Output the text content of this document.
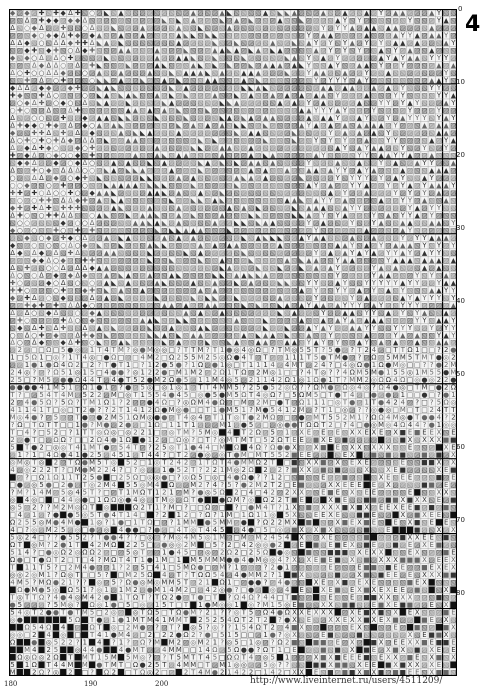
◆ ▨ ◆ ▨ ✚ ▧ ✚ ◆ Δ ✚ ▧ ○ ▨ ◣ ▧ ▲ ▧ ▧ ▨ ▨ ▧ ▨ ▧ ▧ ▨ ▲ ▨ ▧ ▨ ▲ ◣ ▧ ▧ ▧ ▧ ▲ ▧ ◣ ◣ ▲ ▨ ▧ ▨ ▲ ▧ ▨ ▲ ▨ ▧ ▲ ▨ Y ▨ ▲ ▲ ▨ ▨ ▨ ▲ Y ▧ ▧
▨ ▧ Δ ▨ ✚ ◆ ◆ ▨ ◆ ◆ Δ ▧ ▨ ▨ ▧ ▨ ▧ ▨ ▨ ▨ ▨ ◣ ▧ ◣ ▧ ▲ ▨ ▨ ▧ ◣ ▨ ▲ ▨ ◣ ▨ ▧ ▨ ▲ ▧ ▧ ◣ ▨ ▨ ▨ ▧ ▲ Y ▧ Y ▨ ▧ ▧ ▧ ▨ ▧ Y ▧ ▧ ▨ Y ▲ ▧
Δ ▧ ○ ◆ Δ ▨ ▨ ✚ ▧ ▧ ○ Δ ▧ ▨ ◣ ▧ ▨ ▨ ▲ ▨ ▨ ▨ ▧ ▲ ▧ ▧ ◣ ▧ ▨ ▧ ▲ ▨ ▧ ▧ ▧ ▨ ▨ ▧ ▨ ▧ ▨ ▨ ▧ Y ▨ Y Y ▲ ▨ ▲ ▲ ▧ ▲ ▲ ▨ ▨ ▨ ▧ ▲ ▨ ▨ ▨
▨ ▨ ▧ ◆ ○ ◆ ◆ Δ ✚ ◆ ▨ ◆ ▲ ▧ ▨ ▲ ▧ ▨ ▲ ▨ ▧ ▨ ▧ ▲ ◣ ◣ ▧ ◣ ◣ ▧ ▧ ▨ ▧ ▨ ▧ ▨ ▨ ▨ ▧ ▧ ▨ Y ▨ ▲ ▲ ▨ ▧ ▨ ▨ ▲ ▧ ▨ ▨ ▲ Y Y ▲ ▨ ▲ ▲ Y ▨
Δ Δ ◆ ▧ ○ ▧ Δ Δ ◆ ✚ ✚ Δ ◣ ▲ ▨ ◣ ▧ ▧ ▧ ▧ ▨ ▧ ▧ ▲ ▨ ▨ ▧ ▨ ◣ ▧ ▨ ◣ ▧ ▨ ▨ ▧ ▲ ▧ ▨ ◣ ▧ ▲ Y ▨ Y ▧ Y ▲ ▨ Y ▨ Y ▧ ▲ ▲ ▨ ▲ ▨ ▨ ▧ ▲ Y
▧ ▨ ◆ ✚ ▧ ◆ ✚ ▧ ○ Δ ◆ ✚ ▧ ▧ ▨ ▲ ▲ ▨ ▧ ▨ ▲ ▧ ▨ ▨ ◣ ▧ ▨ ▨ ▲ ▲ ◣ ▲ ▨ ◣ ▲ ▨ ◣ ▲ ▨ ▧ ▧ ▧ ▲ ▨ Y ▨ Y ▧ Y ▨ ▧ ▲ ▧ Y ▨ ▲ ▨ ▧ ▲ ▨ ▧ ▧
◆ ▧ ◆ ○ Δ ▨ Δ ○ ✚ ▨ ▧ ▧ ▨ ◣ ▧ ▧ ▧ ▨ ▨ ▨ ▲ ▨ ▨ ▲ ▲ ◣ ▧ ▨ ◣ ▧ ▧ ▧ ◣ ▨ ▧ ▧ ▧ ▨ ◣ ▲ ▧ Y ▧ ▲ ▨ Y ▨ ▨ ▨ ▨ ▨ ▲ Y ▲ Y ▲ ▲ ▧ Y Y Y ▨
▧ ▨ ▧ Δ ◆ Δ Δ ○ ▨ Δ ▨ ✚ ◣ ▧ ▧ ▨ ◣ ▨ ▨ ▨ ▲ ◣ ▧ ▨ ▧ ▲ ◣ ▧ ◣ ▨ ◣ ▨ ▨ ◣ ▨ ▲ ▲ ▲ ▨ ▲ ◣ Y ▧ ▧ ▲ Y ▧ ▨ ▲ ▲ ▧ Y ▨ ▨ Y ▨ ▨ ▧ ▨ ▲ ▨ ▲
Δ ○ ✚ ○ ○ Δ Δ ◆ ▨ ▧ ○ ▨ ▲ ▧ ▨ ▲ ▨ ▧ ▨ ▲ ▧ ▧ ◣ ▧ ▲ ▲ ▲ ◣ ▧ ▲ ▨ ▧ ▲ ▲ ▲ ▨ ▨ ▨ ◣ ▨ ▨ Y ▲ ▲ ▨ ▧ ▲ ▨ ▨ Y ▨ ▧ ▲ ▧ ▧ ▨ ▨ ▧ ▨ ▨ Y ▧
▧ ▧ ✚ ▨ Δ ▨ ○ ✚ ▨ ▨ ▧ ○ ◣ ◣ ▨ ▲ ▨ ▨ ◣ ▨ ▧ ▲ ▨ ◣ ▨ ▧ ▧ ▲ ▲ ▧ ▧ ▨ ▲ ▧ ◣ ▨ ▧ ▧ ▧ ▨ ▨ ▧ Y ▨ Y Y Y ▧ ▲ Y ▨ ▧ ▧ ▧ ▧ ▧ ▧ ▨ ▲ ▲ Y ▧
◆ Δ Δ ▨ ◆ ◆ ▨ ▨ ◆ ✚ ▨ ▨ ◣ ▲ ◣ ▧ ▧ ▧ ▨ ▧ ▧ ▨ ◣ ▨ ▲ ▨ ▨ ▨ ▨ ▧ ▨ ▨ ◣ ◣ ▲ ◣ ▧ ▨ ▨ ▨ ▨ ▧ ▨ ▲ ▲ ▨ ▲ ▲ ▨ ▨ ▲ ▨ ▲ ▨ Y ▧ ▧ ▧ Y Y ▨ ▧
✚ ◆ ▧ ▧ ✚ Δ ○ ▨ ▧ ▨ ○ ▨ ◣ ▲ ▧ ◣ ▲ ◣ ▧ ▧ ▲ ▨ ◣ ▨ ◣ ▨ ▨ ▨ ▲ ▧ ▨ ◣ ▨ ▲ ▧ ▨ ▲ ▨ ▲ ▨ ▲ ▨ ▲ ▲ ▧ Y ▨ ▨ ▨ ▲ ▧ ▧ ▨ Y Y ▧ ▧ ▧ ▧ Y Y ▲
▨ ○ ◆ Δ ✚ ▨ ○ ◆ ○ ▧ Δ ▧ ◣ ▲ ▨ ▨ ◣ ▨ ▧ ▧ ▨ ◣ ▲ ▨ ▨ ▧ ▧ ▧ ▨ ◣ ◣ ▲ ▨ ▨ ▨ ▧ ▧ ▲ ▨ ▲ ▨ Y ▨ ▲ ▧ ▨ ▨ ▨ ▲ ▧ ▨ Y Y ▨ Y ▲ Y ▧ ▨ ▨ ▲ Y
○ ✚ ○ ▧ ▨ Δ ▧ ▨ Δ ✚ ▧ ▧ ▨ ▨ ▧ ▧ ▲ ▲ ▧ ▲ ▧ ▲ ▨ ◣ ▧ ▨ ▧ ◣ ▨ ▧ ▨ ▧ ▧ ▨ ▨ ▨ ▧ ▧ ▧ ▨ ▲ ▲ Y Y Y ▲ Y ▧ ▨ ▨ Y ▧ ▨ ▧ ▨ Y ▨ ▨ ▨ Y ▨ ▨
Δ ▧ ▨ ○ ○ ▧ ▨ ✚ ▧ ▨ ◆ ▨ ▲ ▲ ▧ ◣ ◣ ▨ ▧ ▧ ◣ ▧ ▧ ▧ ◣ ▧ ▨ ▨ ▧ ◣ ▲ ▨ ◣ ▲ ▨ ▲ ▲ ▧ ▨ ▧ ▨ ▲ ▧ ▲ ▲ Y ▨ ▧ ▲ Y ▧ ▨ Y ▨ ▲ Y Y Y ▧ Y ▲ Y
Δ ✚ ◆ ◆ ○ ✚ ◆ ▨ Δ ▨ ◆ ○ ▲ ▨ ▲ ◣ ▧ ▨ ▨ ▨ ▧ ▧ ▨ ◣ ▨ ▲ ▧ ▲ ▨ ▲ ▧ ◣ ◣ ▧ ▨ ◣ ▨ ▧ ▨ ▨ ▲ Y ▲ ▨ ▲ ▨ ▲ ▧ ▲ ▲ ▲ ▲ ▨ Y ▨ ▨ ▧ ▲ ▨ ▲ ▲ ▨
◆ ▨ ▧ ✚ ✚ Δ ▧ ✚ ▨ Δ ▨ ◆ ▧ ▨ ▧ ▲ ▧ ◣ ◣ ▲ ▨ ▧ ▧ ▲ ▧ ▨ ▨ ▨ ▨ ▨ ▧ ◣ ▨ ▲ ▲ ▧ ▧ ▨ ▨ ◣ ▨ ▧ ▨ ▧ Y ▨ ▲ ▧ ▲ ▨ ▲ ▧ Y ▧ ▨ ▨ ▨ ▨ ▧ ▲ ▲ ▨
Δ ○ ✚ ○ ✚ ○ ✚ Δ ◆ ▨ Δ Δ ▨ ◣ ▨ ▨ ▲ ▲ ▧ ▧ ▨ ▨ ▧ ▧ ▧ ▨ ◣ ▧ ◣ ▨ ▨ ▧ ▧ ▨ ▨ ◣ ▧ ▧ ▧ ◣ ▨ ▧ Y ▧ Y ▧ Y ▨ ▨ ▲ ▧ ▧ Y Y ▧ ▨ ▨ ▧ ▲ ▨ Y ▲
Δ ▨ ◆ Δ ✚ ◆ ○ ▧ ▨ ◆ ○ ✚ ▨ ▨ ▧ ▨ ▨ ▨ ▨ ▨ ▲ ▨ ▧ ▨ ▧ ◣ ◣ ▨ ▨ ▲ ▲ ▧ ▨ ▲ ▨ ▧ ▨ ▨ ▨ ▨ ▨ ▨ ▨ ▨ ▧ ▲ Y ▧ ▲ Y ▲ ▲ ▨ ▧ Y ▧ ▨ Y ▧ ▨ Y ▨
✚ ▨ ◆ Δ ▨ ○ ◆ ○ ○ ◆ ▧ ✚ ▧ ▨ ▧ ▨ ▨ ▲ ▧ ▧ ▲ ◣ ▧ ▲ ▲ ▨ ▧ ▨ ▧ ▲ ▧ ▨ ▨ ▲ ▨ ◣ ▲ ▧ ▨ ▨ ▨ ▧ ▲ Y ▧ ▧ ▨ ▧ Y Y ▧ ▲ ▲ Y Y ▲ ▨ ▨ ▲ ▧ ▧ ▧
▧ ◆ ◆ Δ ▨ ▨ ◆ ▨ ○ ◆ Δ ○ ▧ ▨ ▲ ▧ ▲ ▧ ▨ ◣ ▧ ▲ ▨ ▨ ▨ ▧ ◣ ▲ ▨ ◣ ▧ ◣ ▨ ▲ ▲ ▧ ▲ ▧ ▧ ▧ ▨ Y ▧ ▨ ▧ ▲ ▧ ▧ ▲ ▧ ▨ Y ▧ ▲ ▧ ▨ ▲ Y Y ▨ ▧ ▲
Δ ▧ ▨ ✚ ○ ◆ ▧ Δ Δ Δ ○ ○ ▨ ◣ ▲ ▨ ◣ ◣ ▲ ▨ ▨ ▨ ▲ ▨ ▨ ▧ ◣ ▨ ▨ ▨ ▧ ▨ ▧ ▲ ▧ ▲ ▧ ▧ ▲ ▨ ▧ ▲ ▲ ▧ ▲ Y Y ▨ ▲ Y ▲ ▨ ▧ ▧ ▲ ▨ ▧ ▧ ▲ ▲ ▲ ▨
○ ▨ ▧ Δ Δ ▨ ◆ ▨ ○ ◆ ✚ ▧ ◣ ▧ ▧ ▧ ▨ ▨ ◣ ◣ ▧ ▨ ▨ ▲ ▨ ▲ ▧ ▧ ▨ ▧ ▨ ▲ ◣ ▲ ▨ ▲ ▨ ▧ ▨ ▨ ◣ ▨ ▧ ▨ ▨ Y ▧ Y Y Y ▨ Y ▨ ▲ Y ▧ ▧ ▲ Y ▨ ▨ ▨
○ ○ ◆ ▨ ▧ ○ ▨ ✚ ▨ ▨ ○ ▧ ▨ ◣ ▲ ▲ ▲ ▲ ▧ ◣ ◣ ◣ ▧ ▧ ▨ ◣ ▨ ▧ ▨ ▨ ▧ ◣ ▨ ▧ ▨ ▨ ▧ ▧ ▧ ▨ ▧ ▲ Y ▨ ▲ ▨ ▨ Y Y ▲ ▨ ▨ Y ▨ Y ▲ ▨ Y ▲ ▲ ▲ Y
✚ ✚ ▨ ✚ ○ Δ ○ ○ ✚ ○ ▨ ◆ ▲ ▲ ◣ ▨ ▧ ▧ ▨ ▲ ▲ ◣ ▨ ▲ ▧ ▧ ▲ ▧ ▨ ◣ ▨ ▧ ▨ ▧ ▧ ▧ ▧ ▧ ▨ ▨ ▨ ▧ ▧ ▧ ▲ ▨ Y ▨ ▨ ▲ ▨ ▨ ▨ Y ▨ Y ▨ Y ▨ ▲ ▨ ▨
▧ ○ ▨ ○ ✚ ✚ ▧ Δ Δ ◆ ✚ ▨ ▲ ▧ ◣ ▲ ▧ ▧ ▧ ▧ ▨ ▧ ◣ ▨ ▨ ◣ ◣ ▧ ▲ ◣ ▨ ▧ ▧ ▧ ▧ ▧ ▧ ▧ ▲ ▲ ◣ ▧ ▲ Y Y ▨ ▲ ▧ ▨ ▨ ▧ ▲ ▨ ▨ Y Y ▨ ▲ ▧ ▧ ▲ ▧
◆ ✚ ▨ ✚ Δ ✚ ▧ ✚ ✚ ✚ ▧ ▧ ▨ ▨ ▲ ◣ ▧ ▨ ▨ ▲ ▧ ▧ ▧ ▲ ▨ ▧ ▨ ▨ ▨ ▧ ▲ ▧ ▲ ▧ ◣ ▨ ▧ ▧ ▨ ◣ ▧ ▲ ▲ ▲ ▧ ▧ ▲ Y Y ▨ ▧ ▨ ▨ ▨ ▨ Y ▲ ▨ Y Y ▧ ▧
Δ ✚ ○ ▧ ○ ✚ ✚ Δ Δ ▧ ▧ ○ ▲ ◣ ▧ ▨ ◣ ▨ ▲ ▲ ◣ ▧ ▨ ▲ ▨ ◣ ▧ ▧ ▨ ▲ ▨ ▧ ▧ ◣ ◣ ▧ ▨ ▧ ▧ ◣ ◣ ▲ ▨ Y ▧ Y ▲ ▨ ▨ ▧ Y ▧ ▲ ▧ Y Y ▲ ▨ Y ▨ ▧ ▧
▧ ○ ○ ▨ ▧ ▧ ▧ ◆ ▨ ○ ○ Δ ▨ ▧ ▨ ▧ ▧ ▲ ▲ ◣ ▲ ◣ ▨ ▲ ▧ ▧ ▧ ▧ ▲ ▨ ▨ ◣ ◣ ▧ ◣ ▲ ▲ ▧ ▧ ▧ ▨ Y ▨ ▲ ▨ ▧ ▨ Y ▧ ▨ Y ▲ ▧ ▧ ▲ ▲ ▧ ▧ ▲ ▲ ▧ Y
◆ ○ ▨ ○ ▧ ▧ ✚ ○ ▧ ✚ ▨ ✚ ▧ ▨ ▨ ▧ ▧ ▨ ▨ ▧ ◣ ▨ ◣ ◣ ▲ ▲ ▲ ▧ ▧ ▨ ◣ ▨ ▨ ▧ ▨ ▨ ▧ ▨ ▧ ▨ ▨ ▨ Y ▧ ▨ ▨ ▨ ▧ ▨ ▲ ▨ ▨ ▧ ▨ ▲ Y ▧ ▨ ▨ ▨ ▧ ▧
▨ ▧ ◆ ▧ ○ ◆ ▨ ✚ ◆ ○ Δ ▨ ▨ ▲ ▨ ◣ ▲ ▧ ▨ ▧ ▨ ▲ ▧ ▲ ▨ ▲ ▨ ▧ ▨ ▨ ▧ ▨ ◣ ▧ ▲ ◣ ◣ ◣ ▧ ▨ ▲ Y ▲ ▲ ▧ ▧ ▨ ▲ ▧ ▨ ▲ ▨ ▧ ▨ Y ▨ Y Y ▲ ▲ ▲ ▨
◆ ▧ ▨ ○ ▧ ○ ▧ ○ Δ ○ ◆ ▨ ◣ ▧ ▨ ◣ ▨ ▧ ▧ ▲ ◣ ◣ ▨ ▧ ▨ ▧ ▲ ▧ ▲ ▨ ▲ ▲ ▧ ▨ ▧ ▨ ▨ ▲ ▧ ▨ ▨ ▧ ▧ ▨ ▧ ▲ ▲ Y ▧ ▲ ▨ Y ▨ ▲ ▲ ▲ ▧ Y ▧ Y ▨ Y
Δ ◆ ▧ Δ ◆ ▨ Δ ▧ ✚ Δ ▧ ▨ ▨ ▲ ▲ ▧ ▧ ▧ ▨ ◣ ▨ ▧ ▧ ▧ ◣ ▧ ▲ ▨ ▨ ▨ ▨ ▧ ◣ ▧ ▧ ▧ ▧ ▨ ▨ ▨ ▨ ▨ Y ▨ ▲ ▨ ▲ Y ▲ Y ▲ ▨ Y Y ▲ Y ▨ ▲ Y Y ▧ ▧
▨ ▨ ▧ ◆ ◆ Δ ○ ◆ ▨ ▧ ✚ ✚ ▧ ▧ ▨ ▨ ▨ ▨ ▧ ◣ ▨ ▧ ◣ ▧ ▨ ▧ ◣ ▧ ▧ ▲ ▧ ▧ ▨ ◣ ▧ ▧ ▨ ▧ ▲ ▧ ◣ ▲ ▲ ▨ ▧ Y ▲ ▲ ▨ ▧ ▨ ▧ Y ▲ ▲ ▲ ▧ ▲ ▲ ▲ ▨ ▲
Δ ▧ ✚ ▨ ▧ ○ ○ Δ ▨ Δ Δ ◆ ▲ ▲ ▨ ▧ ▧ ▨ ▨ ▧ ▧ ▧ ▧ ▧ ▧ ▨ ▨ ▧ ▨ ◣ ▲ ▨ ▧ ▨ ◣ ▧ ▧ ◣ ▨ ▨ ◣ ▨ ▲ ▨ ▲ Y ▨ ▨ ▧ ▨ Y ▲ ▧ ▲ ▧ ▨ ▧ ▲ ▨ ▲ ▧ ▧
Δ ○ ▧ ○ Δ ▨ ◆ ▨ ◆ Δ ◆ ▧ ▨ ▲ ▨ ◣ ▲ ▧ ▨ ▲ ▨ ▧ ▲ ◣ ▨ ▧ ▨ ▧ ◣ ◣ ▧ ▲ ▲ ◣ ◣ ▲ ▨ ▨ ▨ ▧ ▧ ▧ ▧ ▧ ▧ Y ▨ ▨ ▧ ▨ Y ▲ ▲ ▨ ▧ ▨ Y ▧ Y ▧ ▲ ▨
✚ ○ ▨ ▧ ▨ ◆ ○ Δ ▧ ○ ▧ ○ ▨ ▲ ◣ ▧ ▲ ▧ ▧ ▨ ▲ ◣ ▧ ▧ ▨ ▲ ▧ ▧ ▲ ▧ ▨ ◣ ▨ ▲ ▨ ▧ ▨ ◣ ◣ ▧ ▧ Y Y ▧ ▨ ▲ Y ▧ ▧ Y Y Y Y Y ▲ Y Y ▨ ▨ Y ▲ ▲
✚ ✚ ○ ▨ ▨ ▧ ○ ✚ ▨ ▧ ◆ ✚ ▧ ◣ ▧ ▲ ▧ ▧ ▲ ▨ ▧ ▨ ▨ ▧ ▨ ▨ ▲ ▧ ▲ ▨ ▨ ▧ ▧ ▧ ▨ ▨ ▨ ▧ ▨ ▨ ▲ ▨ Y ▨ ▧ Y Y ▨ ▲ ▨ Y ▧ ▲ ▧ Y ▧ ▧ ▧ ▲ ▲ Y Y
◆ ▨ ✚ Δ ▨ ○ ▧ ◆ ▧ ▧ ▨ Δ ▨ ▲ ▨ ◣ ▨ ▧ ▨ ▨ ◣ ▨ ▧ ▧ ▧ ◣ ▧ ◣ ◣ ▨ ▧ ◣ ▧ ▨ ▨ ▧ ▨ ▲ ▨ ▧ ▧ ▨ Y ▨ ▧ ▨ ▧ Y ▨ ▲ ▨ ▨ ▨ ▧ ▲ Y ▲ Y Y Y ▧ Y
▨ ▨ ✚ ◆ ✚ ▨ ✚ ▧ Δ Δ ◆ ○ ▨ ▧ ▨ ▧ ▧ ▧ ▧ ▨ ▧ ▲ ▲ ▨ ▲ ▨ ▨ ▲ ▲ ▨ ▧ ▧ ◣ ▧ ◣ ▨ ▧ ◣ ▲ ▨ ▲ Y ▲ ▲ ▨ ▲ Y Y Y ▨ ▲ Y ▨ ▧ Y Y Y ▨ ▨ ▨ ▨ ▲
Δ ▨ Δ ○ ▧ ◆ Δ ▧ ▧ ○ ▨ ◆ ▲ ▧ ▧ ▧ ▧ ▨ ▨ ▨ ▨ ▧ ▧ ▧ ▲ ▧ ▲ ▧ ▨ ▲ ▧ ▧ ▧ ▨ ▨ ▨ ▨ ◣ ▧ ▲ ▨ ▨ ▧ Y ▨ ▨ ▲ ▲ ▧ Y Y ▧ ▲ ▨ Y ▧ Y ▲ ▧ ▧ ▲ ▨
▨ ✚ ○ ▧ ▨ ▨ ▨ ✚ Δ ○ ▧ ◆ ▧ ▧ ▨ ▨ ▧ ▧ ▲ ▲ ◣ ▧ ▨ ◣ ◣ ▧ ▨ ▧ ▧ ▧ ▧ ▲ ▧ ▧ ▨ ◣ ▨ ▨ ▨ ▧ ▲ ▧ ▧ ▲ ▨ ▲ Y ▲ ▨ ▲ ▲ ▲ ▧ ▨ ▨ ▨ Y Y ▧ ▲ ▲ Y
▧ ◆ ▧ Δ ✚ ▧ Δ ✚ ▧ ▧ Δ ▧ ▲ ▧ ◣ ▨ ▨ ▨ ▨ ◣ ▧ ▨ ▲ ▨ ▧ ▧ ▲ ◣ ▨ ▨ ▧ ▧ ▨ ▨ ▨ ◣ ▨ ▨ ◣ ▨ ▨ ▲ Y ▲ Y ▨ ▨ ▲ ▲ Y Y ▧ ▧ Y Y Y ▧ ▨ Y ▨ Y Y
○ ▧ Δ ○ ✚ ▨ ◆ ▧ ▨ Δ ✚ ◆ ▧ ◣ ▨ ▧ ▨ ▧ ▧ ◣ ◣ ▲ ▧ ◣ ▧ ▲ ▲ ▨ ▨ ▨ ▨ ▧ ▲ ▧ ◣ ▲ ▲ ▧ ◣ ▧ ▧ ▲ ▧ ▨ Y ▨ ▧ ▧ ▧ ▲ ▨ ▨ ▨ Y ▲ ▨ ▲ ▧ ▧ Y ▲ Y
Δ ○ ▨ Δ ◆ ▧ ▧ ◆ Δ ✚ ▧ ○ ◣ ▧ ▨ ▲ ◣ ▨ ▧ ▧ ▨ ◣ ▨ ▲ ▨ ▧ ▨ ◣ ▧ ▧ ◣ ▲ ▧ ▧ ▲ ▲ ▨ ▧ ▲ ▲ ▧ Y ▲ Y ▨ Y ▧ ▨ ▲ Y ▧ ▲ ▨ ▲ ▧ ▨ ▲ ▧ ▧ ▲ ▲ ▨
▨ 2 ▨ □ □ Ω □ 5 ● ◎ ▨ 1 T 4 T M ? ◎ ● M ◎ ◎ □ ? T T M ? T 1 ● ◎ 4 ◎ Ω □ ? T M ◎ 5 5 T ? 5 ● ▨ ? T 2 4 ▨ □ T T Ω 1 □ □ ? 2 ●
1 □ 5 Ω 1 □ ◎ ? 1 T 4 ◎ □ ● Ω □ ▨ □ 4 M 2 □ Ω 2 5 5 M 2 5 ◎ Ω ● 4 T ▨ T ▨ ▨ 1 1 1 T 5 ● T M ● ▨ ? ▨ Ω ▨ 5 M M 5 T M T ● ◎ 2
▨ ▨ 1 ● 1 ● Ω 4 Ω 2 □ 2 ? T ● T 1 □ ? 1 2 ● 5 ● ? 1 Ω ▨ ● 1 ◎ □ T 1 1 1 4 ▨ 4 M T ▨ 2 4 ? □ 4 ◎ Ω ● 1 Ω ● M ◎ □ □ ? ? ● 2 M
2 4 ◎ ? ▨ ? Ω 5 1 ◎ 1 5 □ 4 ● ● ? ◎ 1 2 2 ● □ M 1 M 2 ▨ 2 Ω 1 T Ω ▨ 2 M ◎ 1 □ □ ? 4 T ◎ ? ? 4 Ω M 5 M ● 1 5 5 ◎ 1 M 5 5 ● M
2 5 □ ? M 5 ▨ ● ● Ω 4 4 T ▨ 4 ● T 5 2 ● M 2 Ω ● 5 ▨ 1 1 M 4 ◎ 5 ▨ 2 1 1 4 2 Ω 1 ◎ 1 Ω ● 1 T ? M M 2 ◎ Ω Ω 4 Ω □ ◎ ● ◎ 2 2 ●
● ● ● ● 4 1 M 5 1 ▨ Ω 1 ● 1 ▨ ? ● ▨ 5 ◎ □ ◎ 1 ◎ 1 ▨ T T 4 M M 5 ? 2 5 ● 5 2 ◎ Ω ? ? Ω M ● ▨ Ω ◎ 4 ◎ ? Ω 4 ● ◎ □ T M □ ● 2 Ω
T ? □ ▨ 5 4 T 4 M ▨ 5 2 2 ▨ M □ ◎ T 1 5 5 4 ● 4 5 □ ◎ ● 5 ● M 5 Ω T 4 ◎ Ω ? □ 5 Ω M 5 □ T ● T 4 ▨ □ ● ▨ ● ▨ 1 □ □ ● □ ? ● 1
2 ▨ 4 ● 5 Ω ? 5 Ω ? T M 1 Ω 1 ? 2 ▨ ▨ ● 4 Ω □ ? ◎ Ω M 4 ● Ω ▨ □ M ▨ 2 M □ ● T ▨ Ω 1 1 1 □ ◎ T ● ▨ 1 T ● 4 2 4 ▨ ? □ ? 5 Ω ◎
4 1 1 4 1 T □ ◎ □ T 2 ● ? ? 2 T 1 4 1 2 Ω ● M ◎ ● □ □ T 1 ● M 5 1 ? M ● 5 4 1 2 M ▨ ? T 1 □ ◎ ▨ ? ? ◎ ● ◎ □ M □ T □ 2 4 T T
M ◎ 4 ● ? ▨ 5 ▨ ▨ T ● ▨ ● 2 M 5 1 Ω M ◎ ● ● ▨ T 4 ◎ 4 ▨ T 1 T ◎ T ● 2 M Ω ▨ □ ▨ ● ▨ M T 5 5 2 M 1 ? Ω Ω 4 M ◎ ● T ● ● 4 ? 2
? Ω □ T Ω T T □ □ 1 ● ? M ● ▨ 2 ● ▨ □ 1 Ω □ 1 1 T 1 ▨ ▨ ▨ M 1 ▨ ● 5 ▨ □ ▨ ◎ ● ● T Ω Ω T 2 □ ? 4 □ ● ◎ M ◎ 4 Ω 4 4 ? ● 1 ◎ ◎
T □ 4 ? □ 5 2 □ ? 1 T T ◎ Ω ◎ □ ◎ 2 2 1 □ ▨ ◎ T M ? 5 M ◎ 4 T 2 Ω ▨ 5 ▨ 1 ▨ X E ▨ E ▨ E ▧ X X E X E ▨ X ■ E ■ E E X ▧ E
2 ▨ ● T □ ▨ Ω Ω ? □ □ 2 Ω 4 ● 1 Ω ● 1 2 ▨ □ Ω ◎ ? □ T ? ◎ M T M T □ 5 2 Ω T E E ▨ ■ X E ▨ ■ ▨ ▨ ▨ ▨ ▨ ▧ ■ X ▧ X X X ■ ■
5 T ● 2 □ ◎ ◎ T 4 1 M T ● ▨ 5 4 T ▨ ? 2 5 ◎ T 1 ● 4 4 □ M Ω 4 Ω ? Ω ● ● X ▧ ▨ X ■ E ▧ X X ▧ X X X ▧ ▧ E ▨ ▧ ▨ X E
▨ 1 ? 1 □ 4 Ω ● 4 1 ● 2 5 ▨ 4 5 1 ▨ T 4 4 ? □ T 2 ▨ ● ◎ ▨ ◎ T ● M □ M T 5 5 2 ■ E E ▨ ▧ ▧ E X ▨ ■ ▧ ■ ▨ ■ ▧ ▨ ■ ▨ ■ ▨ X
◎ M ◎ T ◎ 2 ▨ T Ω ● M 5 T ◎ 5 2 □ 1 ◎ T 2 4 2 ▨ 1 T Ω T 4 ● M M Ω 2 T □ ■ ▧ X X ■ ▨ X ▧ E X E ▨ ▨ ▧ ▧ E ▧ ▧ ■ ■ X ▨ X
4 ▨ ◎ 2 2 2 T ? □ M ● M 2 2 4 ? □ ? ◎ ▨ ▨ 1 ● 5 2 T ? 2 2 1 M ◎ 2 Ω 2 ▨ 2 ? ■ X X ▨ ■ ▧ ■ ▨ ▧ ▧ X ▧ ▧ X E ■ ▨ ▨ ▧ ▧ X E ■
▨ ? □ Ω 1 Ω 1 1 T 2 5 ● □ 2 5 Ω □ ◎ ◎ ● □ ? ◎ Ω 5 □ ◎ □ 4 ● Ω ● ? ? 1 2 □ ▧ ■ ▧ ▧ E ▨ ▨ ■ ▨ ▧ ▧ X E ▧ E E ▨ ▨ ▧ ■ ▨ E
□ ● ▨ ◎ 5 ● □ 2 ● ▨ T ◎ 2 M 4 5 5 ◎ M 4 Ω ▨ ▨ M 2 ? 4 ? 5 ? ● 2 M 2 T 2 □ E ■ ▨ ▧ ▨ X X E E E E ▨ X ▨ ▨ ▧ ▧ ■ ■ ▨ E ▨
? M ? 1 4 M ▨ 5 ◎ 4 5 T ? □ ▨ T 1 M Ω T 1 2 1 ▨ M ? ● ◎ 5 Ω 2 □ 4 □ 4 2 ▨ 2 X X ▨ ▧ E ■ E ▧ X ▧ E E ▨ ▨ ▧ ▧ E ▧ ▧ X X ▧
◎ 4 ◎ □ □ 4 4 ◎ ● □ 1 Ω Ω ◎ ● 4 ◎ ▨ T M ◎ ▨ Ω T ● ● Ω M ? ◎ Ω 2 2 T ■ E ▨ X ■ E ▧ ▧ ■ ■ ▨ ■ ■ X ■ X X ▧ E ▨ ■
◎ 5 ▨ 2 ? ? M 2 M ◎ Ω T ◎	Ω 2 T 1 ? M □ ? □ □ Ω ▨ □ ? □ ● M 4 T ? 1 X ▧ ■ ▨ X X X ■ X ■ X ▨ E E X E E ■ ▨ ■ ▨ ■ ▧
□ 4 ▨ 1 ▨ ? ● ● 5 ◎ 5 T ● 4 T 1 4 □ ? 2 1 2 □ ? Ω ? 1 M □ 1 Ω 1 1 ◎ 5 X ▧ ▧ E E X E ▧ ▧ ■ ■ E ▧ ▨ X ▨ ■ X E E ▧
Ω 2 5 5 ◎ M ● 4 M ● 1 ◎ ? 1 ● □ 1 T Ω □ ▨ ? 1 M M ● 5 M M ▨ ● ? Ω 2 2 M X ■ ▧ ▨ X ■ E X ■ E ▧ E ▧ X ■ ▧ E E ▧
4 □ ? ◎ ▨ M 2 5 ▨ ◎ □ ● ▨ ◎ 4 ● ● □ ? ● ▨ □ 4 T ◎ T 4 4 5 ▨ 4 ● □ 5 □ ◎ ▨ ■ X ▨ X ■ X ▧ ▧ ▨ ▧ ■ ▧ ▧ E	■ ▨ ▧ X ▨ X
5 ◎ 2 4 □ ? ? ● 5 5 2 ? T ● ● 4 ? ? □ ◎ ▨ ? M ◎ 4 M 5 ◎ 1 M ▨ □ M ▨ M 2 4 5 4 X ▧ ▨ X E ▧ ▨ ▧ ▧ ■ ▨ ▨ ▨ ■ X X E E ▧ ■ ▧
Ω T ◎ M ? 2 ● 1 T 4 2 M Ω 2 2 5 □ ▨ ● ◎ ◎ 2 M □ 5 ? 2 □ 4 2 ◎ ◎ ● 2 ▨ E ■ ▧ E ■ E X ▧ ■ E ▨ ▧ ■ ▨ E ▨ X E ■ ▨ ▧
5 1 4 ? □ ● ◎ Ω 2 ◎ Ω Ω 2 ▨ □ ▨ 5 ◎ T ▨ ▨ 1 ● 4 5 □ ▨ ◎ ▨ 2 Ω 2 □ 2 5 Ω ● ◎ ▧ ■ ▧ ▧ ■ ■ ■ ▧ X E X X ▧ ▧ E X ▧ ▨ ▨ ■ E
Ω ● □ T ● Ω T 2 □ T □ 4 ? M Ω T 4 T 1 ● 1 M □ 1 M 5 M M M ● ● 4 ● M ◎ ◎ 4 ? X ▨ X E ■ E ■ ▧ X ▧ ■ ▨ X X X ■ ■ ■ X ▨ E E X
T 1 1 T 5 ? □ 2 M 4 ● ▨ ▨ 1 ? 2 ▨ 5 □ 4 1 □ 5 M Ω ● □ ▨ M ? 1 ▨ ▨ ▨ ? 2 ● 1 ▨ ▨ ▧ ▨ ▨ E ▨ ▧ ▨ E ■ ■ ▧ ■ E E ▨ ▨ ■ E X E X
◎ ◎ 2 ◎ M 1 ? Ω ◎ T □ □ 5 ? □ M 2 5 Ω 4 ▨ T ? T Ω Ω 5 4 ▨ 4 ● M M 2 ? 1 ■ X ▧ ▧ ▨ ▧ ■ ▨ ▨ X ■ ▧ ■ E E ▨ E ▧ X X X ■ ■
4 M 5 ? M Ω ● 2 1 ? ? ◎ ▨ 5 ? Ω ● ◎ M ◎ M M 5 T ▨ 2 1 Ω 1 □ ▨ ● ● ? ▨ 4 ● ▨ ▧ X E ▨ X ■ ▨ E X E ▧ ▨ ▧ ▧ ■ E X ▧ ▧ ▧
Ω ● M ● 5 ◎ Ω 5 1 ? ◎ 1 ▨ 1 M 2 ▨ ● M 1 4 M 2 □ ▨ 4 2 ◎ ● ? □ ● ▨ ◎ ▨ 4 E ▧ X E ■ ▧ E X ■ X E X E E ▨ ■ ▧ ▧ X
T ◎ T T Ω ? 4 ● 4 ◎ M 4 2 ● 1 T Ω T ? T Ω 2 ● ▨ T ● □ T ? Ω 4 Ω ? 4 4 □ T ■ ▧ ▨ ▧ E ▧ ▧ E ▨ ■ ■ X X ▧ X X ▨ ▨ ▧ ■ ▧ ▨
● 5 ▨ ▨ ▨ ? 5 M ◎ ? Ω ◎ 1 ● □ 5 □ ◎ ▨ 1 5 T □ T 1 ● M ◎ ◎ 1 ◎ ? M 1 5 ◎ E ■ ▨ ▧ X X ▧ ■ ■ ▧ ▨ E ■ X E ■ ■ ▨ ▨ E ▧ X
5 4 ◎ T 2 ● ● T ● T M 5 □ 2 ◎ ▨ ◎ T Ω 5 □ T Ω ● M ? 2 1 ? ? ◎ T 5 ▨ Ω 4 ● Ω X X E X X X ▨ X E ■ X ■ ▧ X E X ▧ ▧ ▨ ■ E
◎ ●	5 Ω T ● ▨ 1 ● 1 M T M 4 1 M M T 2 5 2 5 4 Ω T 2 T 2 ? ● X ▧ E ▧ ▨ X X E X X ■ X E X ■ ▨ ▨ ■ E ▨ X ▧
Ω 5 4 Ω 4 ▨ Ω T ◎ □ 2 M ● ▨ ? ▨ T ? ◎ 5 ? ◎ ? ? 1 5 4 Ω T 2 ▨ 4 ■ X ▧ ▨ ▨ ▨ ▧ E X ▧ ▧ ▨ E ▨ ■ ▧ ▨ ■ X
◎ ◎ □ 2 4 ◎ □ T 4 1 ● M 4 ▨ □ 2 □ 2 2 ● Ω 2 ? ● □ 5 1 5 □ □ ▨ 1 ● ? ◎ X ▨ ▧ ▨ E ■ ▧ ▨ ▧ ■ ▧ ▧ ▨ ▧ ▧ ▨ X ▧ E ■ ■ X ▧
Ω ● ◎ 5 2 2 ? 1 4 ? 1 ? ▨ Ω ? M M 2 ▨ ◎ M 2 1 ? ◎ 5 □ 1 ◎ ▨ ? Ω 2 ■ ▧ ■ ■ ▨ E ▨ X ▨ ■ X ▨ E E X X ■ E ■ ■ E
M 4 2 5 ◎ 4 4 ● 4 ● M T ▨ ▨ 4 M M □ □ 1 4 Ω ▨ 5 Ω ● ● ? Ω T 1 □ E ▨ ▧ ■ ▧ ■ ▧ X ■ E ▨ X ■ X ▧ ■ ▨ X E ▨ E
Ω ◎ Ω ◎ 2 Ω T M T 1 5 M 5 M ◎ ? ▨ ? T 5 M T T 4 5 □ Ω Ω T 4 ▨ ◎ 5 1 ▨ ▨ ▨ X ■ X ■ E E E ■ ▧ E X X ▨ ■ E ▧ X ■ ▧ X
5 1 Ω T 4 4 M M ● T M T □ Ω ● 2 5 T ▨ 4 M M □ T ▨ M 1 ◎ ◎ ▨ ▨ 5 ◎ ? ? ▧ ▧ ■ ■ X ■ ■ ▧ X E E ■ X ■ X X ▨ X E ▧
M 2 Ω ? ◎ 2 □ ? Ω 2 □ T Ω ◎ 2 □ ▨ 2 T 4 M ● 2 1 4 2 2 □ 1 4 2 □ X X E ▧ ■ ▨ ■ ■ X ■ X ■ ▨ ■ ■ E E ▧ X ■ ■ ▧
0
10
20
30
40
50
60
70
80
180	190	200
4
http://www.liveinternet.ru/users/4511209/
